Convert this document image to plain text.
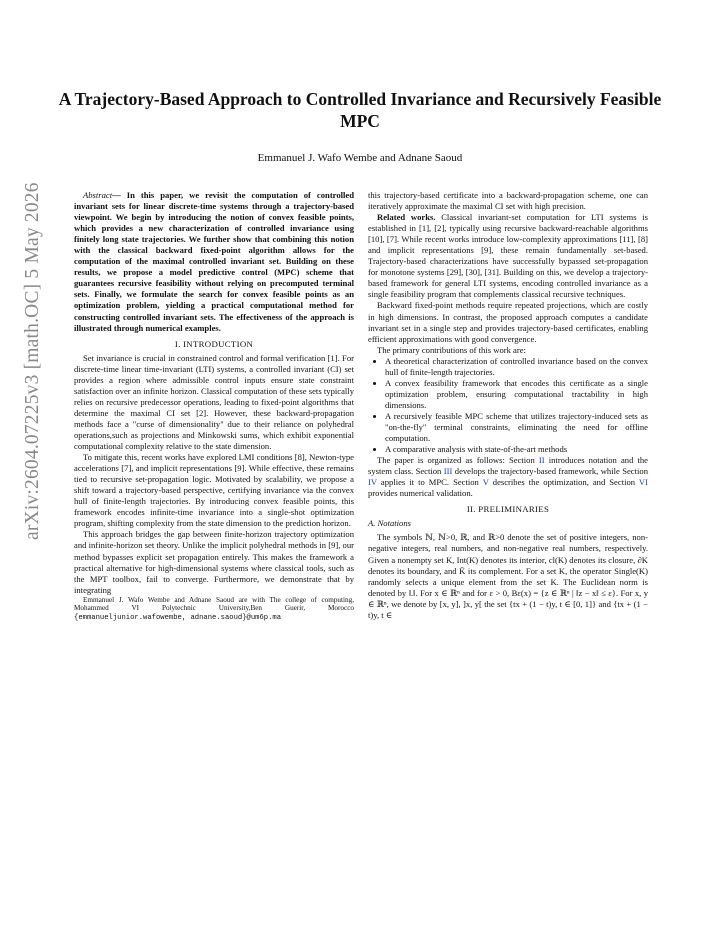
arXiv:2604.07225v3 [math.OC] 5 May 2026
A Trajectory-Based Approach to Controlled Invariance and Recursively Feasible MPC
Emmanuel J. Wafo Wembe and Adnane Saoud

Abstract— In this paper, we revisit the computation of controlled invariant sets for linear discrete-time systems through a trajectory-based viewpoint. We begin by introducing the notion of convex feasible points, which provides a new characterization of controlled invariance using finitely long state trajectories. We further show that combining this notion with the classical backward fixed-point algorithm allows for the computation of the maximal controlled invariant set. Building on these results, we propose a model predictive control (MPC) scheme that guarantees recursive feasibility without relying on precomputed terminal sets. Finally, we formulate the search for convex feasible points as an optimization problem, yielding a practical computational method for constructing controlled invariant sets. The effectiveness of the approach is illustrated through numerical examples.

I. INTRODUCTION

Set invariance is crucial in constrained control and formal verification [1]. For discrete-time linear time-invariant (LTI) systems, a controlled invariant (CI) set provides a region where admissible control inputs ensure state constraint satisfaction over an infinite horizon. Classical computation of these sets typically relies on recursive predecessor operations, leading to fixed-point algorithms that determine the maximal CI set [2]. However, these backward-propagation methods face a "curse of dimensionality" due to their reliance on polyhedral operations,such as projections and Minkowski sums, which exhibit exponential computational complexity relative to the state dimension.

To mitigate this, recent works have explored LMI conditions [8], Newton-type accelerations [7], and implicit representations [9]. While effective, these remains tied to recursive set-propagation logic. Motivated by scalability, we propose a shift toward a trajectory-based perspective, certifying invariance via the convex hull of finite-length trajectories. By introducing convex feasible points, this framework encodes infinite-time invariance into a single-shot optimization program, shifting complexity from the state dimension to the prediction horizon.

This approach bridges the gap between finite-horizon trajectory optimization and infinite-horizon set theory. Unlike the implicit polyhedral methods in [9], our method bypasses explicit set propagation entirely. This makes the framework a practical alternative for high-dimensional systems where classical tools, such as the MPT toolbox, fail to converge. Furthermore, we demonstrate that by integrating

Emmanuel J. Wafo Wembe and Adnane Saoud are with The college of computing, Mohammed VI Polytechnic University,Ben Guerir, Morocco {emmanueljunior.wafowembe, adnane.saoud}@um6p.ma

this trajectory-based certificate into a backward-propagation scheme, one can iteratively approximate the maximal CI set with high precision.

Related works. Classical invariant-set computation for LTI systems is established in [1], [2], typically using recursive backward-reachable algorithms [10], [7]. While recent works introduce low-complexity approximations [11], [8] and implicit representations [9], these remain fundamentally set-based. Trajectory-based characterizations have successfully bypassed set-propagation for monotone systems [29], [30], [31]. Building on this, we develop a trajectory-based framework for general LTI systems, encoding controlled invariance as a single feasibility program that complements classical recursive techniques.

Backward fixed-point methods require repeated projections, which are costly in high dimensions. In contrast, the proposed approach computes a candidate invariant set in a single step and provides trajectory-based certificates, enabling efficient approximations with good convergence.

The primary contributions of this work are:

• A theoretical characterization of controlled invariance based on the convex hull of finite-length trajectories.
• A convex feasibility framework that encodes this certificate as a single optimization problem, ensuring computational tractability in high dimensions.
• A recursively feasible MPC scheme that utilizes trajectory-induced sets as "on-the-fly" terminal constraints, eliminating the need for offline computation.
• A comparative analysis with state-of-the-art methods

The paper is organized as follows: Section II introduces notation and the system class. Section III develops the trajectory-based framework, while Section IV applies it to MPC. Section V describes the optimization, and Section VI provides numerical validation.

II. PRELIMINARIES
A. Notations

The symbols ℕ, ℕ>0, ℝ, and ℝ>0 denote the set of positive integers, non-negative integers, real numbers, and non-negative real numbers, respectively. Given a nonempty set K, Int(K) denotes its interior, cl(K) denotes its closure, ∂K denotes its boundary, and K̄ its complement. For a set K, the operator Single(K) randomly selects a unique element from the set K. The Euclidean norm is denoted by ‖.‖. For x ∈ ℝⁿ and for ε > 0, Bε(x) = {z ∈ ℝⁿ | ‖z − x‖ ≤ ε}. For x, y ∈ ℝⁿ, we denote by [x, y], ]x, y[ the set {tx + (1 − t)y, t ∈ [0, 1]} and {tx + (1 − t)y, t ∈
